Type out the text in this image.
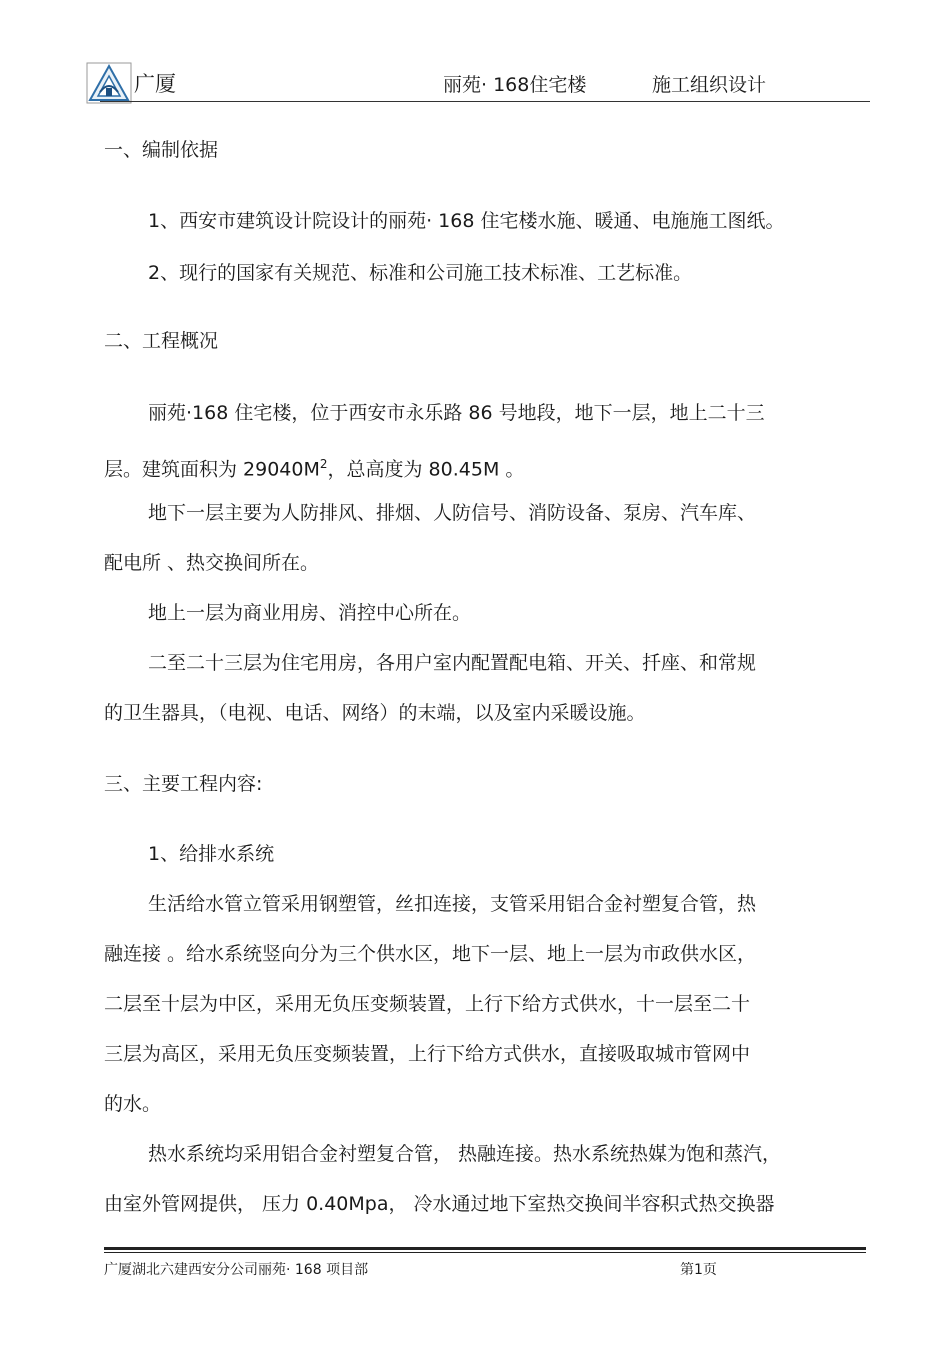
广厦	丽苑· 168住宅楼	施工组织设计
一、编制依据
1、西安市建筑设计院设计的丽苑· 168 住宅楼水施、暖通、电施施工图纸。
2、现行的国家有关规范、标准和公司施工技术标准、工艺标准。
二、工程概况
丽苑·168 住宅楼，位于西安市永乐路 86 号地段，地下一层，地上二十三
层。建筑面积为 $29040M^2$，总高度为 80.45M 。
地下一层主要为人防排风、排烟、人防信号、消防设备、泵房、汽车库、
配电所 、热交换间所在。
地上一层为商业用房、消控中心所在。
二至二十三层为住宅用房，各用户室内配置配电箱、开关、扦座、和常规
的卫生器具，（电视、电话、网络）的末端，以及室内采暖设施。
三、主要工程内容:
1、给排水系统
生活给水管立管采用钢塑管，丝扣连接，支管采用铝合金衬塑复合管，热
融连接 。给水系统竖向分为三个供水区，地下一层、地上一层为市政供水区，
二层至十层为中区，采用无负压变频装置，上行下给方式供水，十一层至二十
三层为高区，采用无负压变频装置，上行下给方式供水，直接吸取城市管网中
的水。
热水系统均采用铝合金衬塑复合管， 热融连接。热水系统热媒为饱和蒸汽，
由室外管网提供， 压力 0.40Mpa， 冷水通过地下室热交换间半容积式热交换器
广厦湖北六建西安分公司丽苑· 168 项目部	第1页
